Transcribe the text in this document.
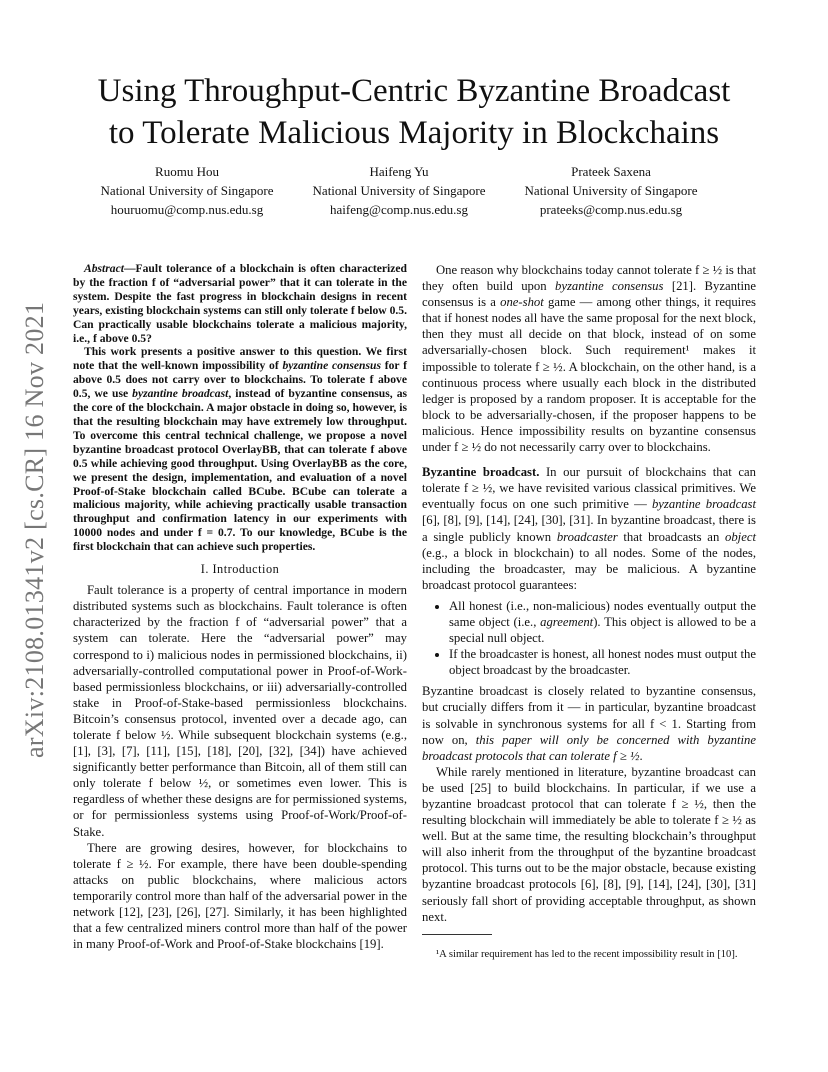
Using Throughput-Centric Byzantine Broadcast
to Tolerate Malicious Majority in Blockchains
Ruomu Hou
National University of Singapore
houruomu@comp.nus.edu.sg
Haifeng Yu
National University of Singapore
haifeng@comp.nus.edu.sg
Prateek Saxena
National University of Singapore
prateeks@comp.nus.edu.sg
arXiv:2108.01341v2 [cs.CR] 16 Nov 2021

Abstract—Fault tolerance of a blockchain is often characterized by the fraction f of “adversarial power” that it can tolerate in the system. Despite the fast progress in blockchain designs in recent years, existing blockchain systems can still only tolerate f below 0.5. Can practically usable blockchains tolerate a malicious majority, i.e., f above 0.5?

This work presents a positive answer to this question. We first note that the well-known impossibility of byzantine consensus for f above 0.5 does not carry over to blockchains. To tolerate f above 0.5, we use byzantine broadcast, instead of byzantine consensus, as the core of the blockchain. A major obstacle in doing so, however, is that the resulting blockchain may have extremely low throughput. To overcome this central technical challenge, we propose a novel byzantine broadcast protocol OverlayBB, that can tolerate f above 0.5 while achieving good throughput. Using OverlayBB as the core, we present the design, implementation, and evaluation of a novel Proof-of-Stake blockchain called BCube. BCube can tolerate a malicious majority, while achieving practically usable transaction throughput and confirmation latency in our experiments with 10000 nodes and under f = 0.7. To our knowledge, BCube is the first blockchain that can achieve such properties.

I. Introduction

Fault tolerance is a property of central importance in modern distributed systems such as blockchains. Fault tolerance is often characterized by the fraction f of “adversarial power” that a system can tolerate. Here the “adversarial power” may correspond to i) malicious nodes in permissioned blockchains, ii) adversarially-controlled computational power in Proof-of-Work-based permissionless blockchains, or iii) adversarially-controlled stake in Proof-of-Stake-based permissionless blockchains. Bitcoin’s consensus protocol, invented over a decade ago, can tolerate f below ½. While subsequent blockchain systems (e.g., [1], [3], [7], [11], [15], [18], [20], [32], [34]) have achieved significantly better performance than Bitcoin, all of them still can only tolerate f below ½, or sometimes even lower. This is regardless of whether these designs are for permissioned systems, or for permissionless systems using Proof-of-Work/Proof-of-Stake.

There are growing desires, however, for blockchains to tolerate f ≥ ½. For example, there have been double-spending attacks on public blockchains, where malicious actors temporarily control more than half of the adversarial power in the network [12], [23], [26], [27]. Similarly, it has been highlighted that a few centralized miners control more than half of the power in many Proof-of-Work and Proof-of-Stake blockchains [19].

One reason why blockchains today cannot tolerate f ≥ ½ is that they often build upon byzantine consensus [21]. Byzantine consensus is a one-shot game — among other things, it requires that if honest nodes all have the same proposal for the next block, then they must all decide on that block, instead of on some adversarially-chosen block. Such requirement¹ makes it impossible to tolerate f ≥ ½. A blockchain, on the other hand, is a continuous process where usually each block in the distributed ledger is proposed by a random proposer. It is acceptable for the block to be adversarially-chosen, if the proposer happens to be malicious. Hence impossibility results on byzantine consensus under f ≥ ½ do not necessarily carry over to blockchains.

Byzantine broadcast. In our pursuit of blockchains that can tolerate f ≥ ½, we have revisited various classical primitives. We eventually focus on one such primitive — byzantine broadcast [6], [8], [9], [14], [24], [30], [31]. In byzantine broadcast, there is a single publicly known broadcaster that broadcasts an object (e.g., a block in blockchain) to all nodes. Some of the nodes, including the broadcaster, may be malicious. A byzantine broadcast protocol guarantees:

• All honest (i.e., non-malicious) nodes eventually output the same object (i.e., agreement). This object is allowed to be a special null object.
• If the broadcaster is honest, all honest nodes must output the object broadcast by the broadcaster.

Byzantine broadcast is closely related to byzantine consensus, but crucially differs from it — in particular, byzantine broadcast is solvable in synchronous systems for all f < 1. Starting from now on, this paper will only be concerned with byzantine broadcast protocols that can tolerate f ≥ ½.

While rarely mentioned in literature, byzantine broadcast can be used [25] to build blockchains. In particular, if we use a byzantine broadcast protocol that can tolerate f ≥ ½, then the resulting blockchain will immediately be able to tolerate f ≥ ½ as well. But at the same time, the resulting blockchain’s throughput will also inherit from the throughput of the byzantine broadcast protocol. This turns out to be the major obstacle, because existing byzantine broadcast protocols [6], [8], [9], [14], [24], [30], [31] seriously fall short of providing acceptable throughput, as shown next.

¹A similar requirement has led to the recent impossibility result in [10].
